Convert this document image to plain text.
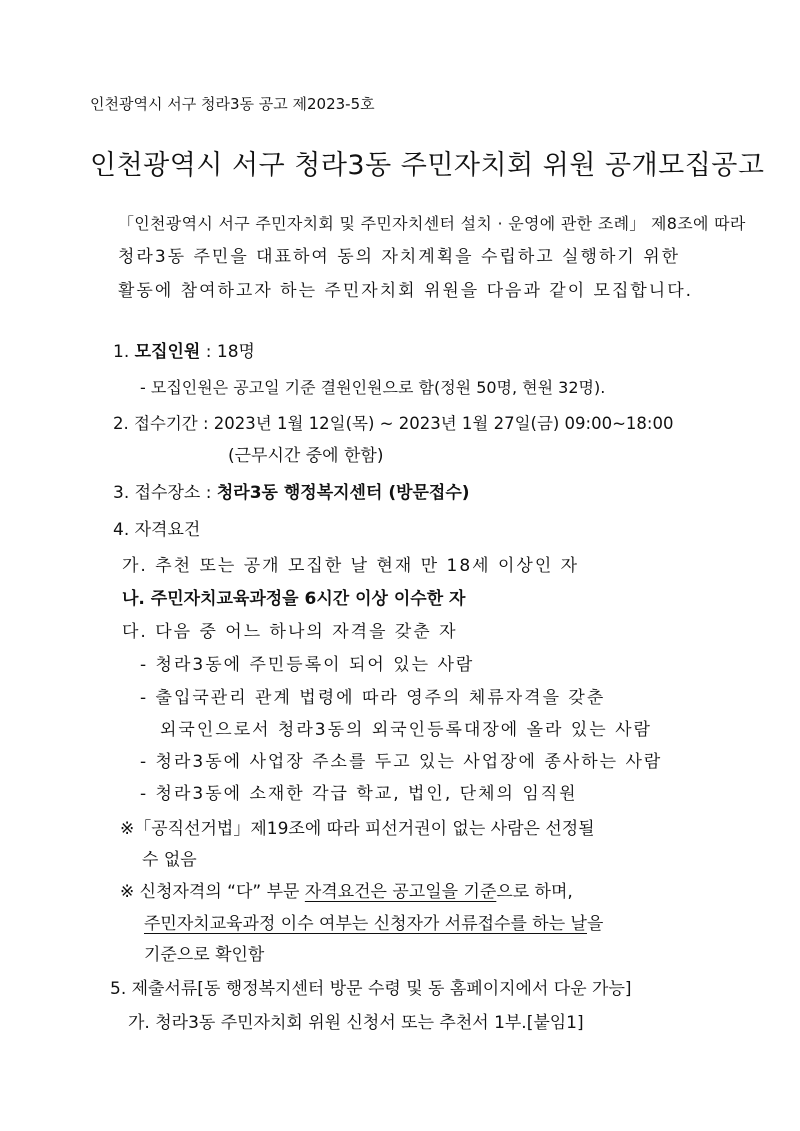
인천광역시 서구 청라3동 공고 제2023-5호
인천광역시 서구 청라3동 주민자치회 위원 공개모집공고
「인천광역시 서구 주민자치회 및 주민자치센터 설치 · 운영에 관한 조례」 제8조에 따라
청라3동 주민을 대표하여 동의 자치계획을 수립하고 실행하기 위한
활동에 참여하고자 하는 주민자치회 위원을 다음과 같이 모집합니다.
1. 모집인원 : 18명
- 모집인원은 공고일 기준 결원인원으로 함(정원 50명, 현원 32명).
2. 접수기간 : 2023년 1월 12일(목) ~ 2023년 1월 27일(금) 09:00~18:00
(근무시간 중에 한함)
3. 접수장소 : 청라3동 행정복지센터 (방문접수)
4. 자격요건
가. 추천 또는 공개 모집한 날 현재 만 18세 이상인 자
나. 주민자치교육과정을 6시간 이상 이수한 자
다. 다음 중 어느 하나의 자격을 갖춘 자
- 청라3동에 주민등록이 되어 있는 사람
- 출입국관리 관계 법령에 따라 영주의 체류자격을 갖춘
외국인으로서 청라3동의 외국인등록대장에 올라 있는 사람
- 청라3동에 사업장 주소를 두고 있는 사업장에 종사하는 사람
- 청라3동에 소재한 각급 학교, 법인, 단체의 임직원
※「공직선거법」제19조에 따라 피선거권이 없는 사람은 선정될
수 없음
※ 신청자격의 “다” 부문 자격요건은 공고일을 기준으로 하며,
주민자치교육과정 이수 여부는 신청자가 서류접수를 하는 날을
기준으로 확인함
5. 제출서류[동 행정복지센터 방문 수령 및 동 홈페이지에서 다운 가능]
가. 청라3동 주민자치회 위원 신청서 또는 추천서 1부.[붙임1]
